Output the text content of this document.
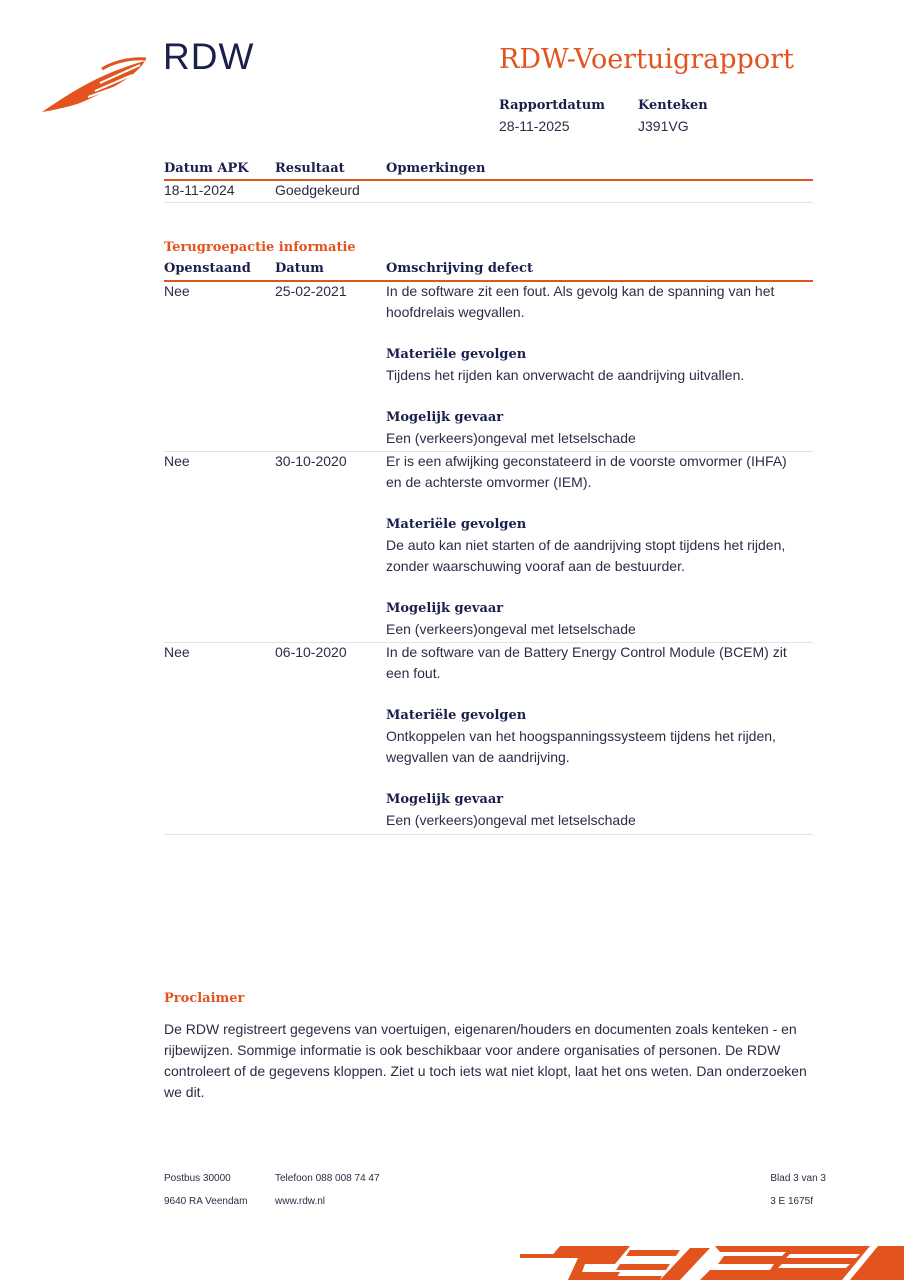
RDW	RDW-Voertuigrapport
Rapportdatum
28-11-2025
Kenteken
J391VG
Datum APK Resultaat	Opmerkingen
18-11-2024	Goedgekeurd
Terugroepactie informatie
Openstaand Datum	Omschrijving defect
Nee	25-02-2021	In de software zit een fout. Als gevolg kan de spanning van het

hoofdrelais wegvallen.

Materiële gevolgen

Tijdens het rijden kan onverwacht de aandrijving uitvallen.

Mogelijk gevaar

Een (verkeers)ongeval met letselschade

Nee	30-10-2020	Er is een afwijking geconstateerd in de voorste omvormer (IHFA)

en de achterste omvormer (IEM).

Materiële gevolgen

De auto kan niet starten of de aandrijving stopt tijdens het rijden,

zonder waarschuwing vooraf aan de bestuurder.

Mogelijk gevaar

Een (verkeers)ongeval met letselschade

Nee	06-10-2020	In de software van de Battery Energy Control Module (BCEM) zit

een fout.

Materiële gevolgen

Ontkoppelen van het hoogspanningssysteem tijdens het rijden,

wegvallen van de aandrijving.

Mogelijk gevaar

Een (verkeers)ongeval met letselschade

Proclaimer
De RDW registreert gegevens van voertuigen, eigenaren/houders en documenten zoals kenteken - en
rijbewijzen. Sommige informatie is ook beschikbaar voor andere organisaties of personen. De RDW
controleert of de gegevens kloppen. Ziet u toch iets wat niet klopt, laat het ons weten. Dan onderzoeken
we dit.
Postbus 30000
9640 RA Veendam
Telefoon 088 008 74 47
www.rdw.nl
Blad 3 van 3
3 E 1675f
